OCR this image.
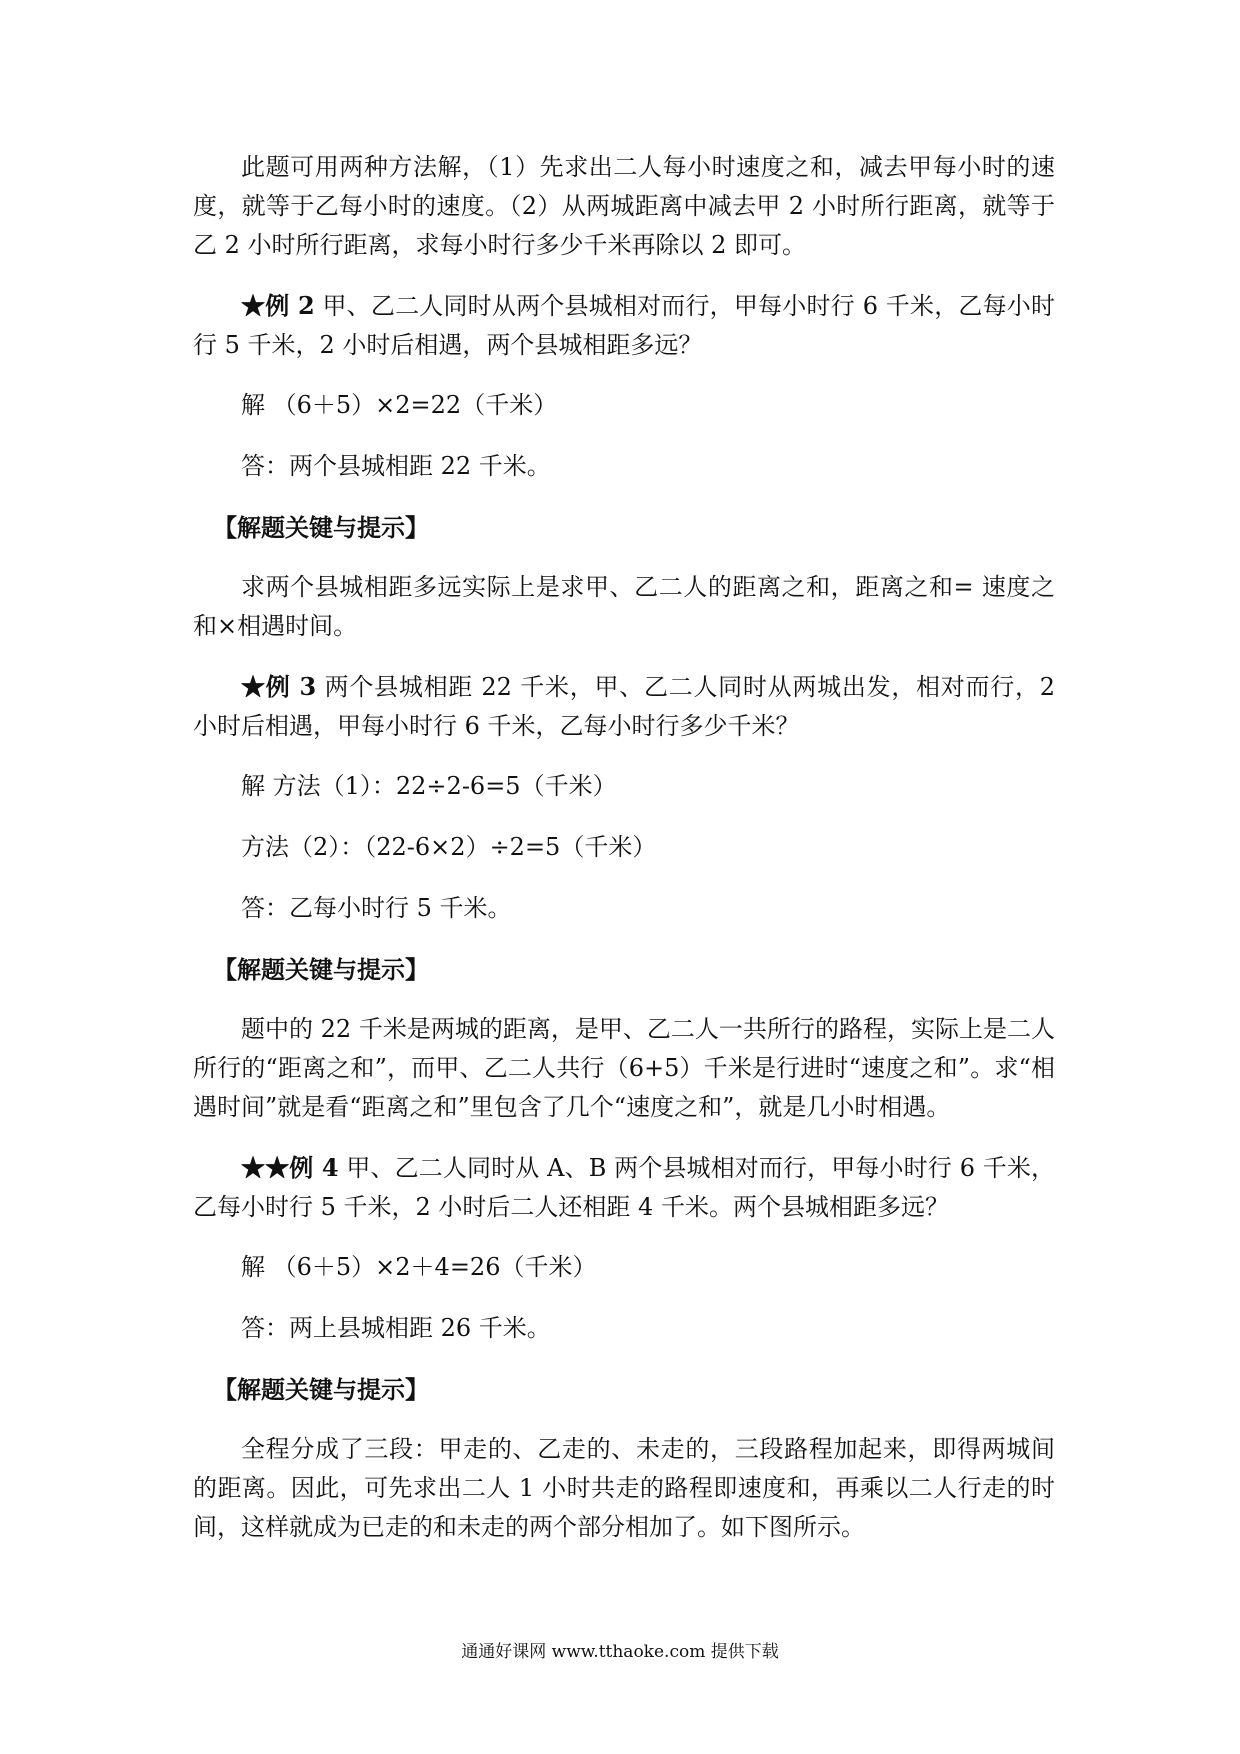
此题可用两种方法解，（1）先求出二人每小时速度之和，减去甲每小时的速度，就等于乙每小时的速度。（2）从两城距离中减去甲 2 小时所行距离，就等于乙 2 小时所行距离，求每小时行多少千米再除以 2 即可。

★例 2 甲、乙二人同时从两个县城相对而行，甲每小时行 6 千米，乙每小时行 5 千米，2 小时后相遇，两个县城相距多远？

解 （6＋5）×2=22（千米）

答：两个县城相距 22 千米。

【解题关键与提示】

求两个县城相距多远实际上是求甲、乙二人的距离之和，距离之和= 速度之和×相遇时间。

★例 3 两个县城相距 22 千米，甲、乙二人同时从两城出发，相对而行，2 小时后相遇，甲每小时行 6 千米，乙每小时行多少千米？

解 方法（1）：22÷2-6=5（千米）

方法（2）：（22-6×2）÷2=5（千米）

答：乙每小时行 5 千米。

【解题关键与提示】

题中的 22 千米是两城的距离，是甲、乙二人一共所行的路程，实际上是二人所行的“距离之和”，而甲、乙二人共行（6+5）千米是行进时“速度之和”。求“相遇时间”就是看“距离之和”里包含了几个“速度之和”，就是几小时相遇。

★★例 4 甲、乙二人同时从 A、B 两个县城相对而行，甲每小时行 6 千米，乙每小时行 5 千米，2 小时后二人还相距 4 千米。两个县城相距多远？

解 （6＋5）×2＋4=26（千米）

答：两上县城相距 26 千米。

【解题关键与提示】

全程分成了三段：甲走的、乙走的、未走的，三段路程加起来，即得两城间的距离。因此，可先求出二人 1 小时共走的路程即速度和，再乘以二人行走的时间，这样就成为已走的和未走的两个部分相加了。如下图所示。

通通好课网 www.tthaoke.com 提供下载
